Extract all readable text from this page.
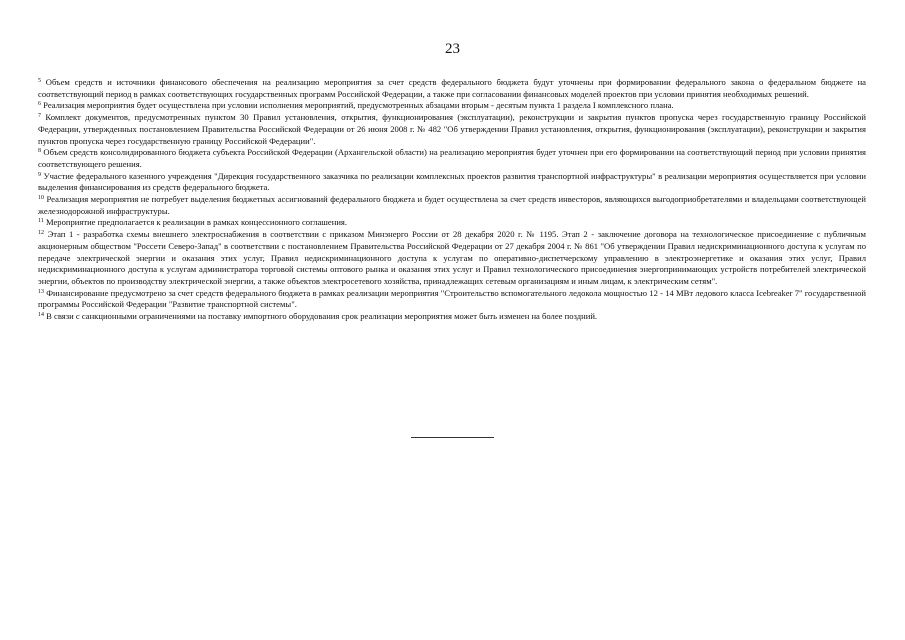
23

$^5$ Объем средств и источники финансового обеспечения на реализацию мероприятия за счет средств федерального бюджета будут уточнены при формировании федерального закона о федеральном бюджете на соответствующий период в рамках соответствующих государственных программ Российской Федерации, а также при согласовании финансовых моделей проектов при условии принятия необходимых решений.

$^6$ Реализация мероприятия будет осуществлена при условии исполнения мероприятий, предусмотренных абзацами вторым - десятым пункта 1 раздела I комплексного плана.

$^7$ Комплект документов, предусмотренных пунктом 30 Правил установления, открытия, функционирования (эксплуатации), реконструкции и закрытия пунктов пропуска через государственную границу Российской Федерации, утвержденных постановлением Правительства Российской Федерации от 26 июня 2008 г. № 482 "Об утверждении Правил установления, открытия, функционирования (эксплуатации), реконструкции и закрытия пунктов пропуска через государственную границу Российской Федерации".

$^8$ Объем средств консолидированного бюджета субъекта Российской Федерации (Архангельской области) на реализацию мероприятия будет уточнен при его формировании на соответствующий период при условии принятия соответствующего решения.

$^9$ Участие федерального казенного учреждения "Дирекция государственного заказчика по реализации комплексных проектов развития транспортной инфраструктуры" в реализации мероприятия осуществляется при условии выделения финансирования из средств федерального бюджета.

$^{10}$ Реализация мероприятия не потребует выделения бюджетных ассигнований федерального бюджета и будет осуществлена за счет средств инвесторов, являющихся выгодоприобретателями и владельцами соответствующей железнодорожной инфраструктуры.

$^{11}$ Мероприятие предполагается к реализации в рамках концессионного соглашения.

$^{12}$ Этап 1 - разработка схемы внешнего электроснабжения в соответствии с приказом Минэнерго России от 28 декабря 2020 г. № 1195. Этап 2 - заключение договора на технологическое присоединение с публичным акционерным обществом "Россети Северо-Запад" в соответствии с постановлением Правительства Российской Федерации от 27 декабря 2004 г. № 861 "Об утверждении Правил недискриминационного доступа к услугам по передаче электрической энергии и оказания этих услуг, Правил недискриминационного доступа к услугам по оперативно-диспетчерскому управлению в электроэнергетике и оказания этих услуг, Правил недискриминационного доступа к услугам администратора торговой системы оптового рынка и оказания этих услуг и Правил технологического присоединения энергопринимающих устройств потребителей электрической энергии, объектов по производству электрической энергии, а также объектов электросетевого хозяйства, принадлежащих сетевым организациям и иным лицам, к электрическим сетям".

$^{13}$ Финансирование предусмотрено за счет средств федерального бюджета в рамках реализации мероприятия "Строительство вспомогательного ледокола мощностью 12 - 14 МВт ледового класса Icebreaker 7" государственной программы Российской Федерации "Развитие транспортной системы".

$^{14}$ В связи с санкционными ограничениями на поставку импортного оборудования срок реализации мероприятия может быть изменен на более поздний.
